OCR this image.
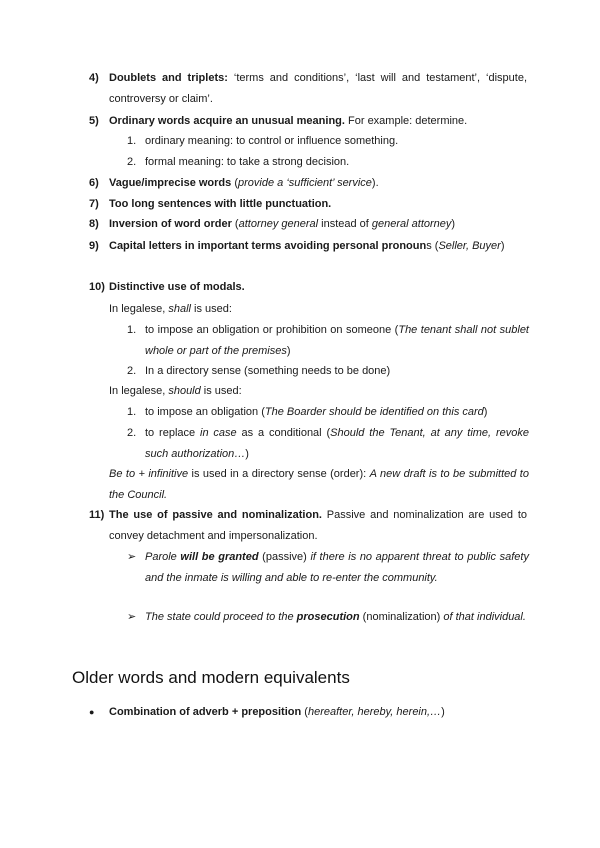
4) Doublets and triplets: ‘terms and conditions’, ‘last will and testament’, ‘dispute, controversy or claim’.
5) Ordinary words acquire an unusual meaning. For example: determine.
1. ordinary meaning: to control or influence something.
2. formal meaning: to take a strong decision.
6) Vague/imprecise words (provide a ‘sufficient’ service).
7) Too long sentences with little punctuation.
8) Inversion of word order (attorney general instead of general attorney)
9) Capital letters in important terms avoiding personal pronouns (Seller, Buyer)
10) Distinctive use of modals.
In legalese, shall is used:
1. to impose an obligation or prohibition on someone (The tenant shall not sublet whole or part of the premises)
2. In a directory sense (something needs to be done)
In legalese, should is used:
1. to impose an obligation (The Boarder should be identified on this card)
2. to replace in case as a conditional (Should the Tenant, at any time, revoke such authorization…)
Be to + infinitive is used in a directory sense (order): A new draft is to be submitted to the Council.
11) The use of passive and nominalization. Passive and nominalization are used to convey detachment and impersonalization.
➢ Parole will be granted (passive) if there is no apparent threat to public safety and the inmate is willing and able to re-enter the community.
➢ The state could proceed to the prosecution (nominalization) of that individual.
Older words and modern equivalents
● Combination of adverb + preposition (hereafter, hereby, herein,…)
